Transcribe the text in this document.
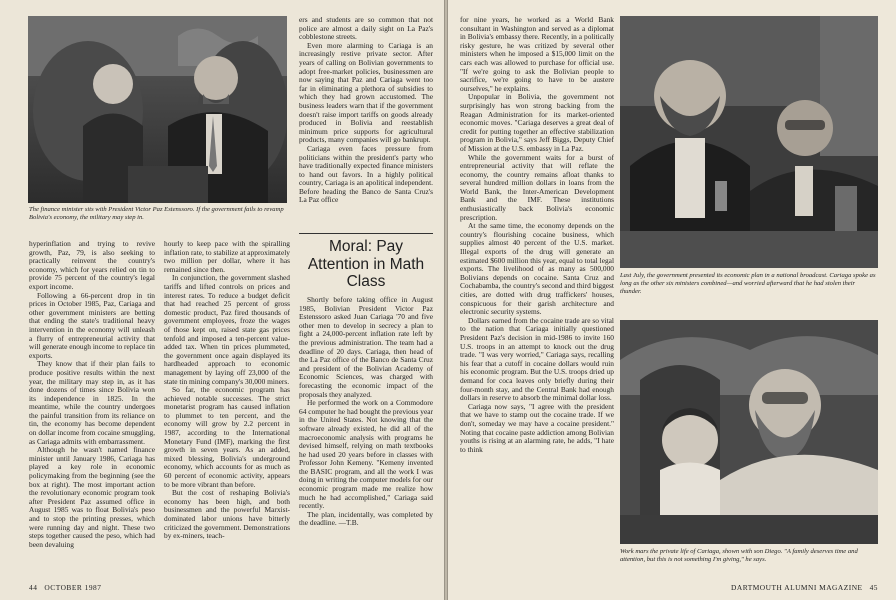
The finance minister sits with President Victor Paz Estenssoro. If the government fails to revamp Bolivia's economy, the military may step in.

hyperinflation and trying to revive growth, Paz, 79, is also seeking to practically reinvent the country's economy, which for years relied on tin to provide 75 percent of the country's legal export income.

Following a 66-percent drop in tin prices in October 1985, Paz, Cariaga and other government ministers are betting that ending the state's traditional heavy intervention in the economy will unleash a flurry of entrepreneurial activity that will generate enough income to replace tin exports.

They know that if their plan fails to produce positive results within the next year, the military may step in, as it has done dozens of times since Bolivia won its independence in 1825. In the meantime, while the country undergoes the painful transition from its reliance on tin, the economy has become dependent on dollar income from cocaine smuggling, as Cariaga admits with embarrassment.

Although he wasn't named finance minister until January 1986, Cariaga has played a key role in economic policymaking from the beginning (see the box at right). The most important action the revolutionary economic program took after President Paz assumed office in August 1985 was to float Bolivia's peso and to stop the printing presses, which were running day and night. These two steps together caused the peso, which had been devaluing

hourly to keep pace with the spiralling inflation rate, to stabilize at approximately two million per dollar, where it has remained since then.

In conjunction, the government slashed tariffs and lifted controls on prices and interest rates. To reduce a budget deficit that had reached 25 percent of gross domestic product, Paz fired thousands of government employees, froze the wages of those kept on, raised state gas prices tenfold and imposed a ten-percent value-added tax. When tin prices plummeted, the government once again displayed its hardheaded approach to economic management by laying off 23,000 of the state tin mining company's 30,000 miners.

So far, the economic program has achieved notable successes. The strict monetarist program has caused inflation to plummet to ten percent, and the economy will grow by 2.2 percent in 1987, according to the International Monetary Fund (IMF), marking the first growth in seven years. As an added, mixed blessing, Bolivia's underground economy, which accounts for as much as 60 percent of economic activity, appears to be more vibrant than before.

But the cost of reshaping Bolivia's economy has been high, and both businessmen and the powerful Marxist-dominated labor unions have bitterly criticized the government. Demonstrations by ex-miners, teach-

ers and students are so common that not police are almost a daily sight on La Paz's cobblestone streets.

Even more alarming to Cariaga is an increasingly restive private sector. After years of calling on Bolivian governments to adopt free-market policies, businessmen are now saying that Paz and Cariaga went too far in eliminating a plethora of subsidies to which they had grown accustomed. The business leaders warn that if the government doesn't raise import tariffs on goods already produced in Bolivia and reestablish minimum price supports for agricultural products, many companies will go bankrupt.

Cariaga even faces pressure from politicians within the president's party who have traditionally expected finance ministers to hand out favors. In a highly political country, Cariaga is an apolitical independent. Before heading the Banco de Santa Cruz's La Paz office

Moral: Pay Attention in Math Class

Shortly before taking office in August 1985, Bolivian President Victor Paz Estenssoro asked Juan Cariaga '70 and five other men to develop in secrecy a plan to fight a 24,000-percent inflation rate left by the previous administration. The team had a deadline of 20 days. Cariaga, then head of the La Paz office of the Banco de Santa Cruz and president of the Bolivian Academy of Economic Sciences, was charged with forecasting the economic impact of the proposals they analyzed.

He performed the work on a Commodore 64 computer he had bought the previous year in the United States. Not knowing that the software already existed, he did all of the macroeconomic analysis with programs he devised himself, relying on math textbooks he had used 20 years before in classes with Professor John Kemeny. "Kemeny invented the BASIC program, and all the work I was doing in writing the computer models for our economic program made me realize how much he had accomplished," Cariaga said recently.

The plan, incidentally, was completed by the deadline. —T.B.

44   OCTOBER 1987

for nine years, he worked as a World Bank consultant in Washington and served as a diplomat in Bolivia's embassy there. Recently, in a politically risky gesture, he was critized by several other ministers when he imposed a $15,000 limit on the cars each was allowed to purchase for official use. "If we're going to ask the Bolivian people to sacrifice, we're going to have to be austere ourselves," he explains.

Unpopular in Bolivia, the government not surprisingly has won strong backing from the Reagan Administration for its market-oriented economic moves. "Cariaga deserves a great deal of credit for putting together an effective stabilization program in Bolivia," says Jeff Biggs, Deputy Chief of Mission at the U.S. embassy in La Paz.

While the government waits for a burst of entrepreneurial activity that will reflate the economy, the country remains afloat thanks to several hundred million dollars in loans from the World Bank, the Inter-American Development Bank and the IMF. These institutions enthusiastically back Bolivia's economic prescription.

At the same time, the economy depends on the country's flourishing cocaine business, which supplies almost 40 percent of the U.S. market. Illegal exports of the drug will generate an estimated $600 million this year, equal to total legal exports. The livelihood of as many as 500,000 Bolivians depends on cocaine. Santa Cruz and Cochabamba, the country's second and third biggest cities, are dotted with drug traffickers' houses, conspicuous for their garish architecture and electronic security systems.

Dollars earned from the cocaine trade are so vital to the nation that Cariaga initially questioned President Paz's decision in mid-1986 to invite 160 U.S. troops in an attempt to knock out the drug trade. "I was very worried," Cariaga says, recalling his fear that a cutoff in cocaine dollars would ruin his economic program. But the U.S. troops dried up demand for coca leaves only briefly during their four-month stay, and the Central Bank had enough dollars in reserve to absorb the minimal dollar loss.

Cariaga now says, "I agree with the president that we have to stamp out the cocaine trade. If we don't, someday we may have a cocaine president." Noting that cocaine paste addiction among Bolivian youths is rising at an alarming rate, he adds, "I hate to think

Last July, the government presented its economic plan in a national broadcast. Cariaga spoke as long as the other six ministers combined—and worried afterward that he had stolen their thunder.
Work mars the private life of Cariaga, shown with son Diego. "A family deserves time and attention, but this is not something I'm giving," he says.
DARTMOUTH ALUMNI MAGAZINE   45
